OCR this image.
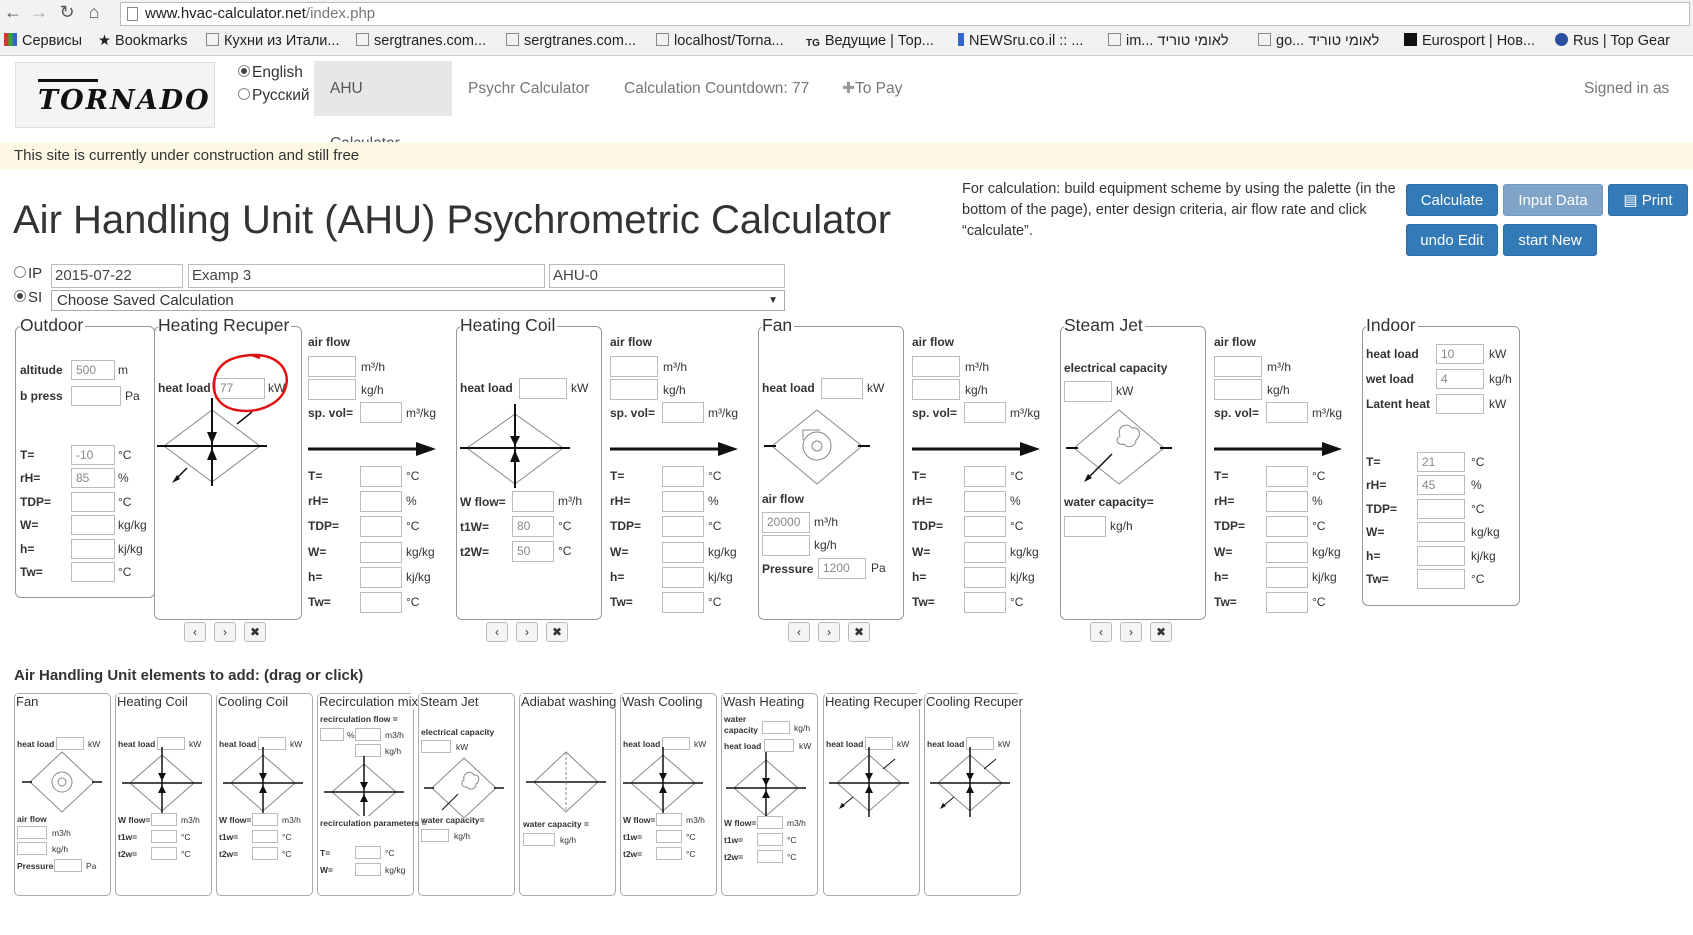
← → ↻ ⌂	www.hvac-calculator.net/index.php
Сервисы ★ Bookmarks	Кухни из Итали...	sergtranes.com...	sergtranes.com...	localhost/Torna... TG Ведущие | Тор...	NEWSru.co.il :: ...	im... לאומי טוריד	go... לאומי טוריד	Eurosport | Нов...	Rus | Top Gear
TORNADO
English
Русский	AHU	Psychr Calculator	Calculation Countdown: 77	✚To Pay	Signed in as
This site is currently under construction and still free
Air Handling Unit (AHU) Psychrometric Calculator
For calculation: build equipment scheme by using the palette (in the bottom of the page), enter design criteria, air flow rate and click “calculate”.
Calculate	Input Data	▤ Print
undo Edit	start New
IP
SI
2015-07-22	Examp 3	AHU-0
Choose Saved Calculation	▼
Outdoor
altitude	500	m
b press	Pa
Heating Recuper
heat load 77	kW
Heating Coil
heat load	kW
W flow=	m³/h
t1W=	80	°C
t2W=	50	°C
Fan
heat load	kW
air flow
20000	m³/h
kg/h
Pressure 1200	Pa
Steam Jet
electrical capacity
kW
water capacity=
kg/h
Indoor
heat load	10	kW
wet load	4	kg/h
Latent heat	kW
Air Handling Unit elements to add: (drag or click)
T=	-10	°C
rH=	85	%
TDP=	°C
W=	kg/kg
h=	kj/kg
Tw=	°C
T=	21	°C
rH=	45	%
TDP=	°C
W=	kg/kg
h=	kj/kg
Tw=	°C
air flow
m³/h
kg/h
sp. vol=	m³/kg
T=	°C
rH=	%
TDP=	°C
W=	kg/kg
h=	kj/kg
Tw=	°C
air flow
m³/h
kg/h
sp. vol=	m³/kg
T=	°C
rH=	%
TDP=	°C
W=	kg/kg
h=	kj/kg
Tw=	°C
air flow
m³/h
kg/h
sp. vol=	m³/kg
T=	°C
rH=	%
TDP=	°C
W=	kg/kg
h=	kj/kg
Tw=	°C
air flow
m³/h
kg/h
sp. vol=	m³/kg
T=	°C
rH=	%
TDP=	°C
W=	kg/kg
h=	kj/kg
Tw=	°C
‹	›	✖	‹	›	✖	‹	›	✖	‹	›	✖
Fan	Heating Coil Cooling Coil Recirculation mix Steam Jet	Adiabat washing Wash Cooling Wash Heating Heating Recuper Cooling Recuper
heat load	kW
air flow
m3/h
kg/h
Pressure	Pa
heat load	kW
W flow=	m3/h
t1w=	°C
t2w=	°C
heat load	kW
W flow=	m3/h
t1w=	°C
t2w=	°C
recirculation flow =
%	m3/h
kg/h
recirculation parameters =
T=	°C
W=	kg/kg
electrical capacity
kW
water capacity=
kg/h
water capacity =
kg/h
heat load	kW
W flow=	m3/h
t1w=	°C
t2w=	°C
water
capacity	kg/h
heat load	kW
W flow=	m3/h
t1w=	°C
t2w=	°C
heat load	kW heat load	kW
